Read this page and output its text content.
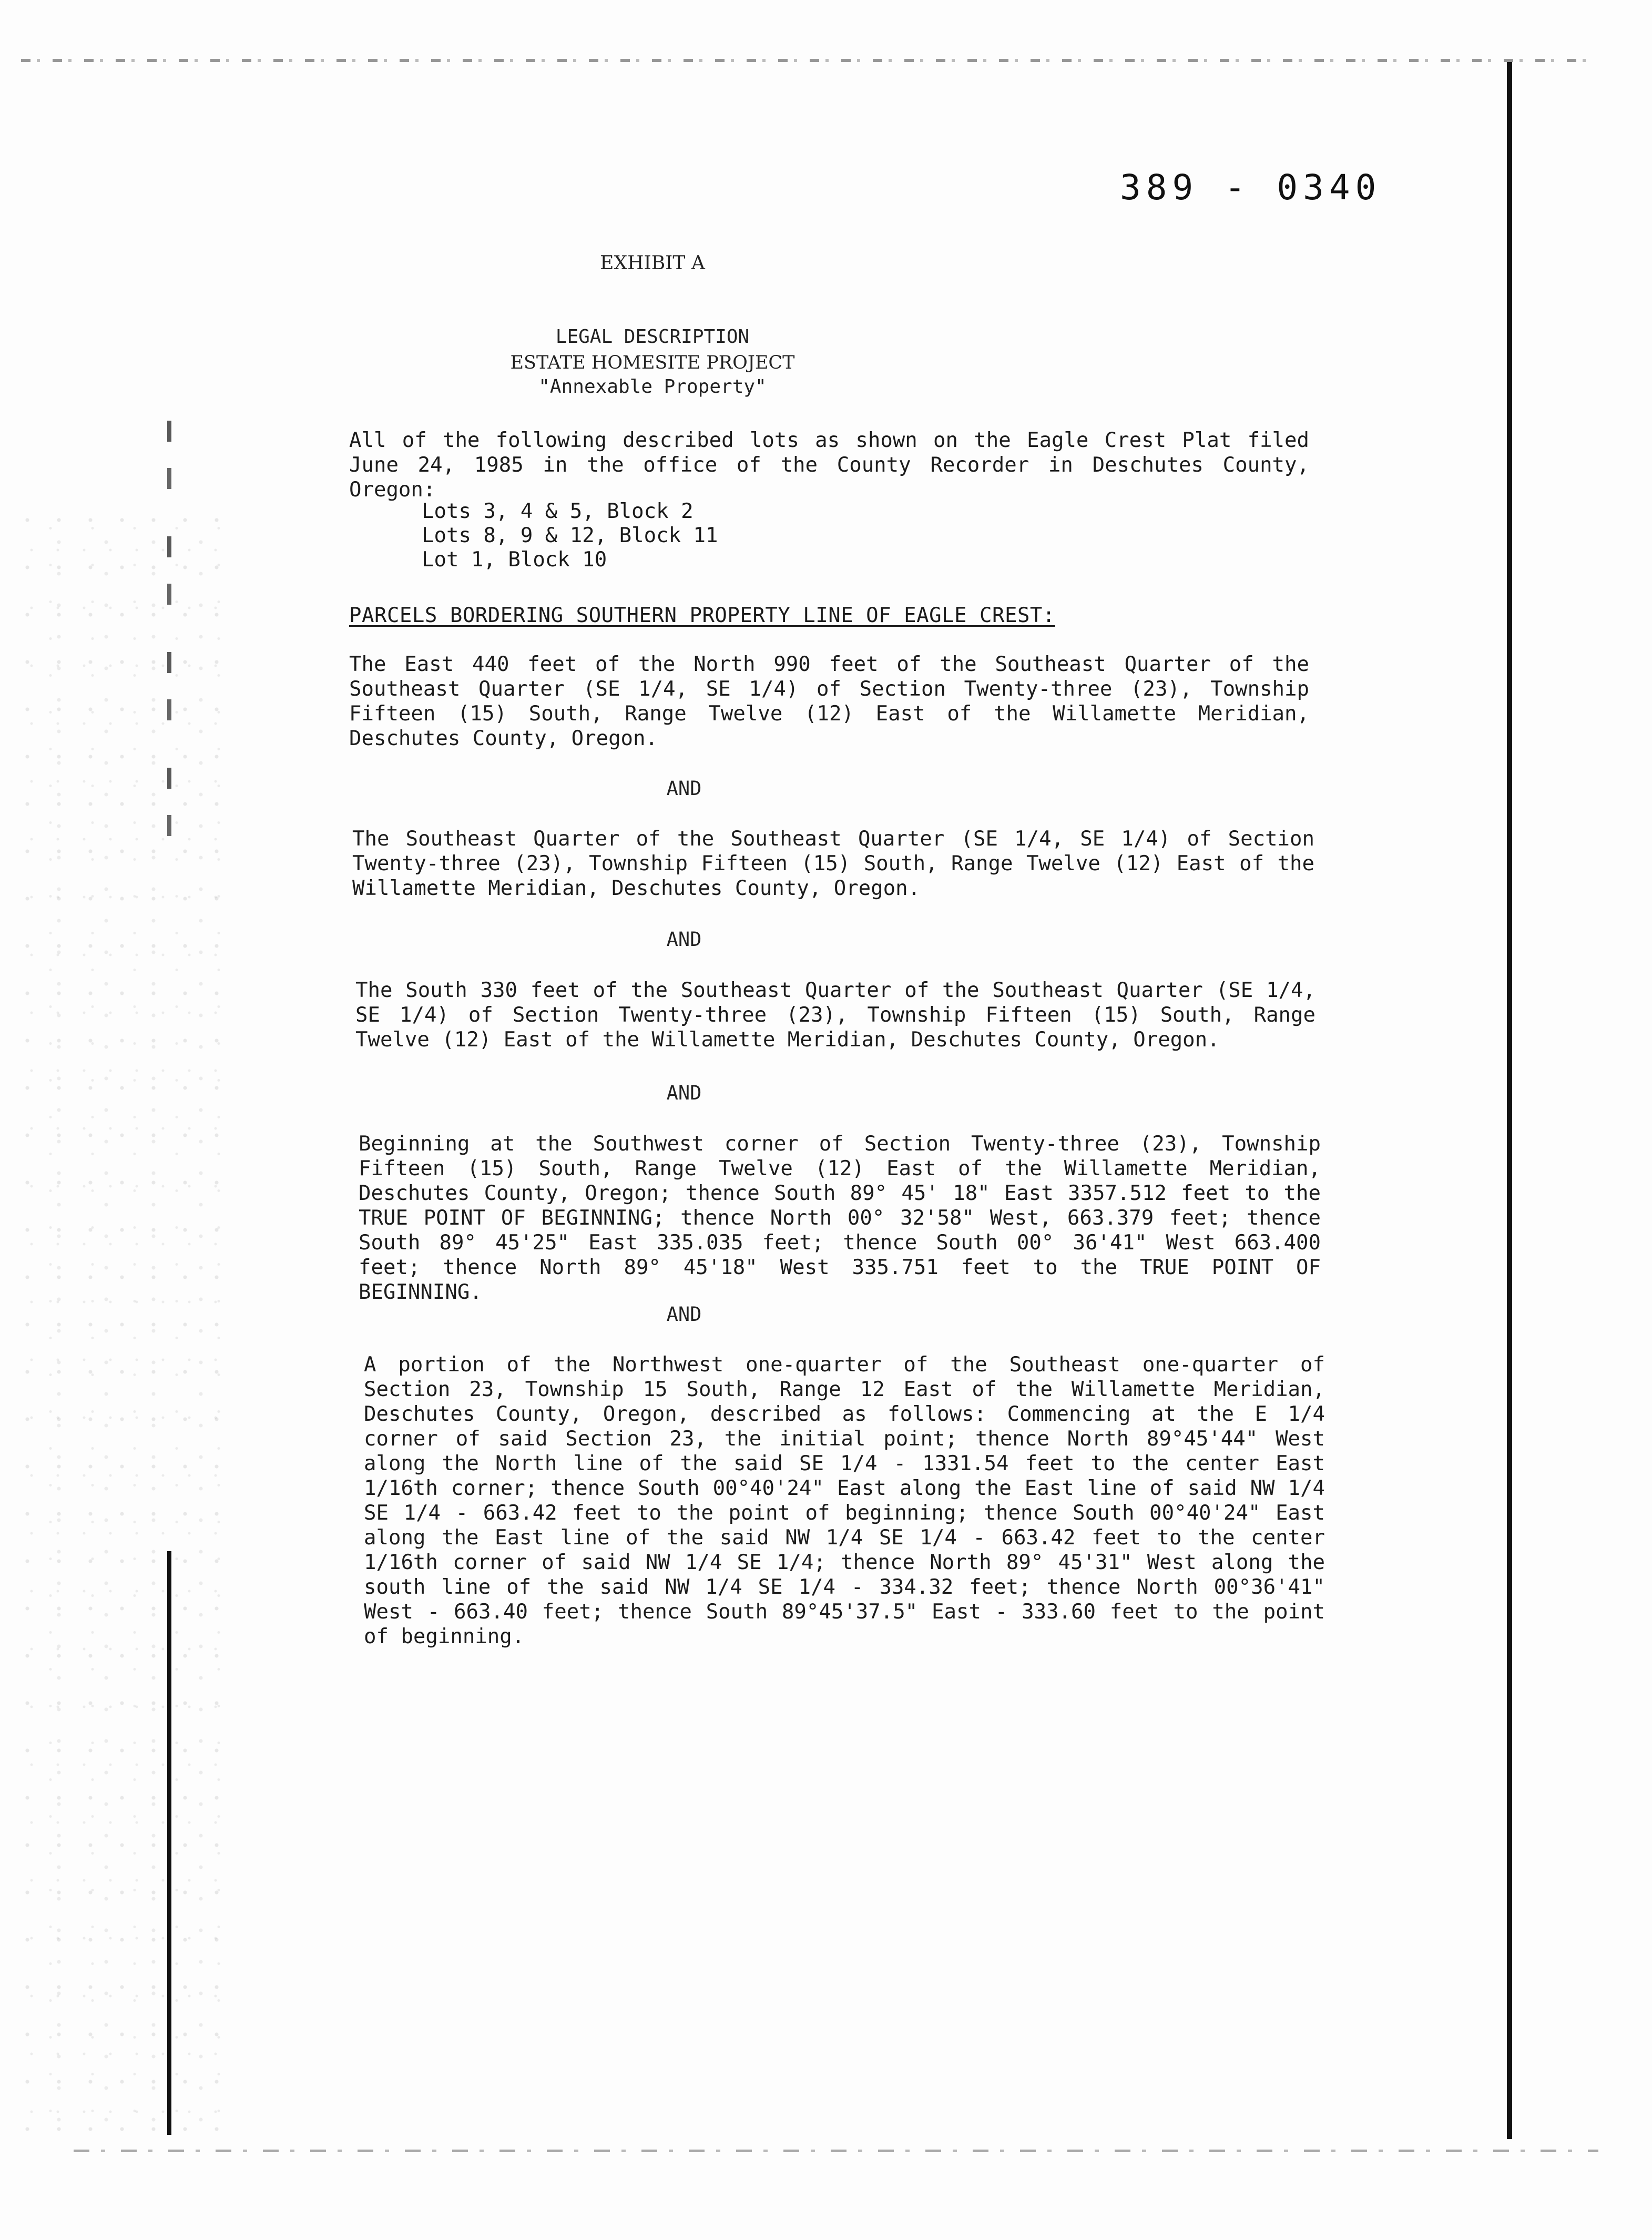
389 - 0340
EXHIBIT A
LEGAL DESCRIPTION
ESTATE HOMESITE PROJECT
"Annexable Property"
All of the following described lots as shown on the Eagle Crest Plat filed June 24, 1985 in the office of the County Recorder in Deschutes County, Oregon:
Lots 3, 4 & 5, Block 2
Lots 8, 9 & 12, Block 11
Lot 1, Block 10
PARCELS BORDERING SOUTHERN PROPERTY LINE OF EAGLE CREST:
The East 440 feet of the North 990 feet of the Southeast Quarter of the Southeast Quarter (SE 1/4, SE 1/4) of Section Twenty-three (23), Township Fifteen (15) South, Range Twelve (12) East of the Willamette Meridian, Deschutes County, Oregon.
AND
The Southeast Quarter of the Southeast Quarter (SE 1/4, SE 1/4) of Section Twenty-three (23), Township Fifteen (15) South, Range Twelve (12) East of the Willamette Meridian, Deschutes County, Oregon.
AND
The South 330 feet of the Southeast Quarter of the Southeast Quarter (SE 1/4, SE 1/4) of Section Twenty-three (23), Township Fifteen (15) South, Range Twelve (12) East of the Willamette Meridian, Deschutes County, Oregon.
AND
Beginning at the Southwest corner of Section Twenty-three (23), Township Fifteen (15) South, Range Twelve (12) East of the Willamette Meridian, Deschutes County, Oregon; thence South 89° 45' 18" East 3357.512 feet to the TRUE POINT OF BEGINNING; thence North 00° 32'58" West, 663.379 feet; thence South 89° 45'25" East 335.035 feet; thence South 00° 36'41" West 663.400 feet; thence North 89° 45'18" West 335.751 feet to the TRUE POINT OF BEGINNING.
AND
A portion of the Northwest one-quarter of the Southeast one-quarter of Section 23, Township 15 South, Range 12 East of the Willamette Meridian, Deschutes County, Oregon, described as follows: Commencing at the E 1/4 corner of said Section 23, the initial point; thence North 89°45'44" West along the North line of the said SE 1/4 - 1331.54 feet to the center East 1/16th corner; thence South 00°40'24" East along the East line of said NW 1/4 SE 1/4 - 663.42 feet to the point of beginning; thence South 00°40'24" East along the East line of the said NW 1/4 SE 1/4 - 663.42 feet to the center 1/16th corner of said NW 1/4 SE 1/4; thence North 89° 45'31" West along the south line of the said NW 1/4 SE 1/4 - 334.32 feet; thence North 00°36'41" West - 663.40 feet; thence South 89°45'37.5" East - 333.60 feet to the point of beginning.
